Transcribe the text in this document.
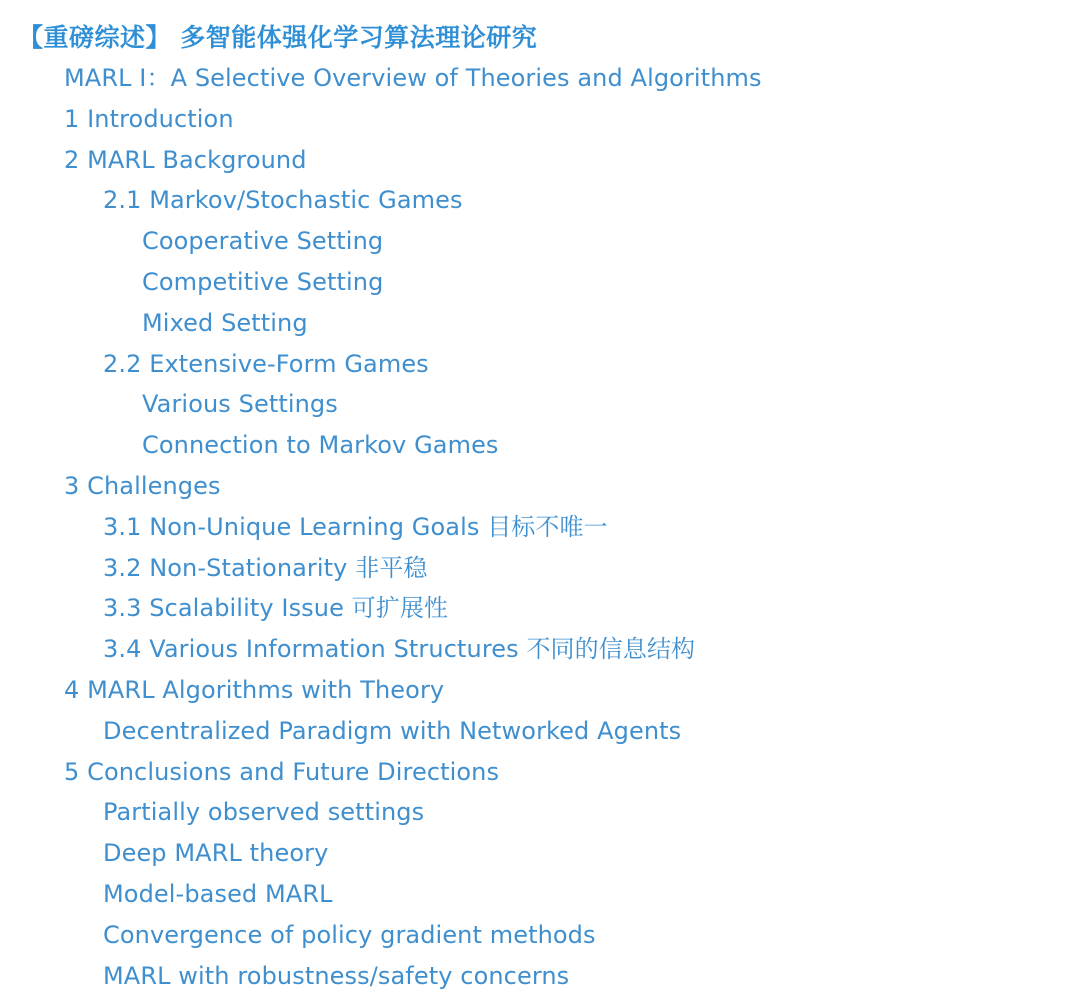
【重磅综述】 多智能体强化学习算法理论研究
MARL Ⅰ：A Selective Overview of Theories and Algorithms
1 Introduction
2 MARL Background
2.1 Markov/Stochastic Games
Cooperative Setting
Competitive Setting
Mixed Setting
2.2 Extensive-Form Games
Various Settings
Connection to Markov Games
3 Challenges
3.1 Non-Unique Learning Goals 目标不唯一
3.2 Non-Stationarity 非平稳
3.3 Scalability Issue 可扩展性
3.4 Various Information Structures 不同的信息结构
4 MARL Algorithms with Theory
Decentralized Paradigm with Networked Agents
5 Conclusions and Future Directions
Partially observed settings
Deep MARL theory
Model-based MARL
Convergence of policy gradient methods
MARL with robustness/safety concerns
